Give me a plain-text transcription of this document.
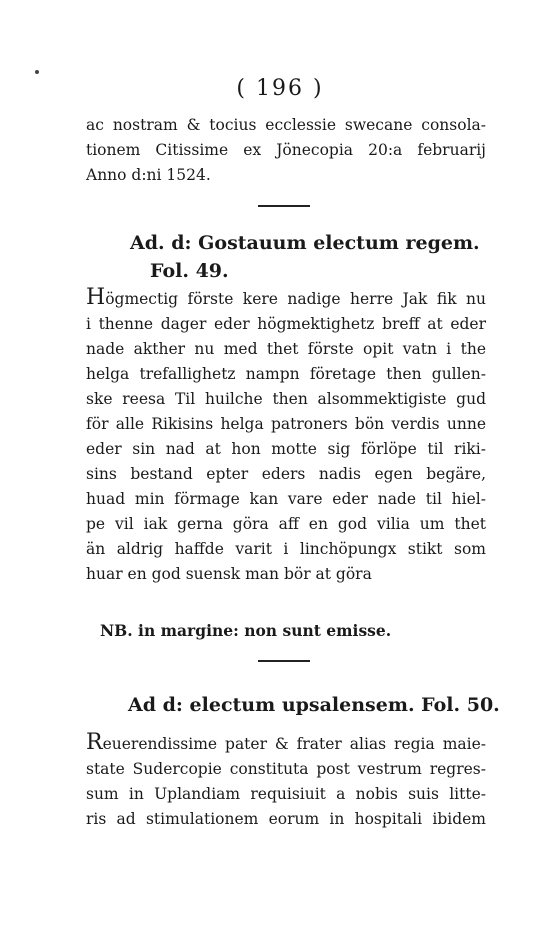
( 196 )
ac nostram & tocius ecclessie swecane consola-
tionem Citissime ex Jönecopia 20:a februarij
Anno d:ni 1524.
Ad. d: Gostauum electum regem.
Fol. 49.
Högmectig förste kere nadige herre Jak fik nu
i thenne dager eder högmektighetz breff at eder
nade akther nu med thet förste opit vatn i the
helga trefallighetz nampn företage then gullen-
ske reesa Til huilche then alsommektigiste gud
för alle Rikisins helga patroners bön verdis unne
eder sin nad at hon motte sig förlöpe til riki-
sins bestand epter eders nadis egen begäre,
huad min förmage kan vare eder nade til hiel-
pe vil iak gerna göra aff en god vilia um thet
än aldrig haffde varit i linchöpungx stikt som
huar en god suensk man bör at göra
NB. in margine: non sunt emisse.
Ad d: electum upsalensem. Fol. 50.
Reuerendissime pater & frater alias regia maie-
state Sudercopie constituta post vestrum regres-
sum in Uplandiam requisiuit a nobis suis litte-
ris ad stimulationem eorum in hospitali ibidem
